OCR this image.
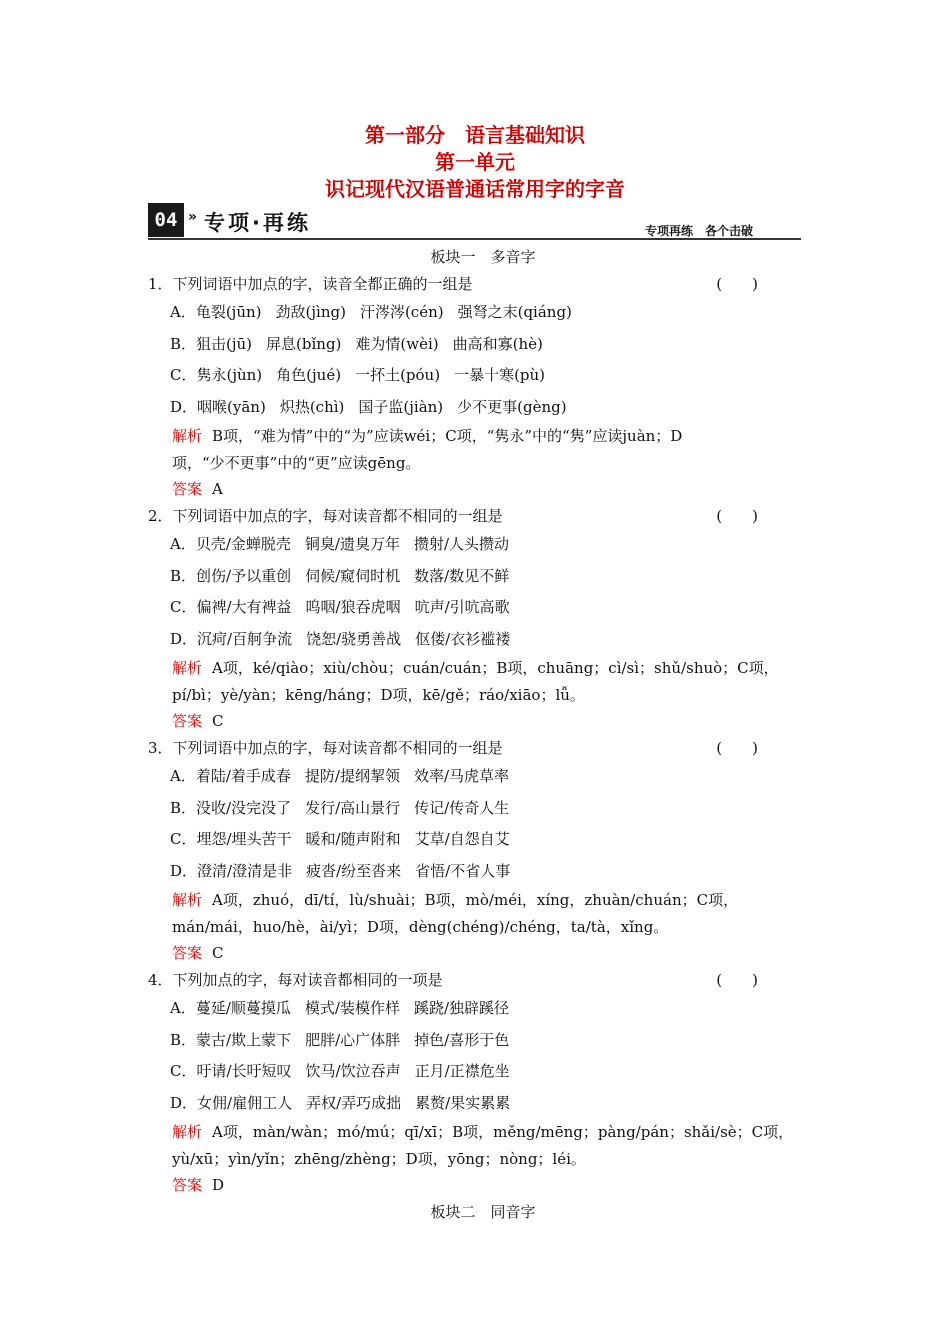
第一部分　语言基础知识
第一单元
识记现代汉语普通话常用字的字音
04 » 专项·再练	专项再练　各个击破
板块一　多音字
1．下列词语中加点的字，读音全都正确的一组是	(　　)
A．龟裂(jūn) 劲敌(jìng) 汗涔涔(cén) 强弩之末(qiáng)
B．狙击(jū) 屏息(bǐng) 难为情(wèi) 曲高和寡(hè)
C．隽永(jùn) 角色(jué) 一抔土(póu) 一暴十寒(pù)
D．咽喉(yān) 炽热(chì) 国子监(jiàn) 少不更事(gèng)
解析 B项，“难为情”中的“为”应读wéi；C项，“隽永”中的“隽”应读juàn；D
项，“少不更事”中的“更”应读gēng。
答案 A
2．下列词语中加点的字，每对读音都不相同的一组是	(　　)
A．贝壳/金蝉脱壳 铜臭/遗臭万年 攒射/人头攒动
B．创伤/予以重创 伺候/窥伺时机 数落/数见不鲜
C．偏裨/大有裨益 呜咽/狼吞虎咽 吭声/引吭高歌
D．沉疴/百舸争流 饶恕/骁勇善战 伛偻/衣衫褴褛
解析 A项，ké/qiào；xiù/chòu；cuán/cuán；B项，chuāng；cì/sì；shǔ/shuò；C项，
pí/bì；yè/yàn；kēng/háng；D项，kē/gě；ráo/xiāo；lǚ。
答案 C
3．下列词语中加点的字，每对读音都不相同的一组是	(　　)
A．着陆/着手成春 提防/提纲挈领 效率/马虎草率
B．没收/没完没了 发行/高山景行 传记/传奇人生
C．埋怨/埋头苦干 暖和/随声附和 艾草/自怨自艾
D．澄清/澄清是非 疲沓/纷至沓来 省悟/不省人事
解析 A项，zhuó，dī/tí，lù/shuài；B项，mò/méi，xíng，zhuàn/chuán；C项，
mán/mái，huo/hè，ài/yì；D项，dèng(chéng)/chéng，ta/tà，xǐng。
答案 C
4．下列加点的字，每对读音都相同的一项是	(　　)
A．蔓延/顺蔓摸瓜 模式/装模作样 蹊跷/独辟蹊径
B．蒙古/欺上蒙下 肥胖/心广体胖 掉色/喜形于色
C．吁请/长吁短叹 饮马/饮泣吞声 正月/正襟危坐
D．女佣/雇佣工人 弄权/弄巧成拙 累赘/果实累累
解析 A项，màn/wàn；mó/mú；qī/xī；B项，měng/mēng；pàng/pán；shǎi/sè；C项，
yù/xū；yìn/yǐn；zhēng/zhèng；D项，yōng；nòng；léi。
答案 D
板块二　同音字
